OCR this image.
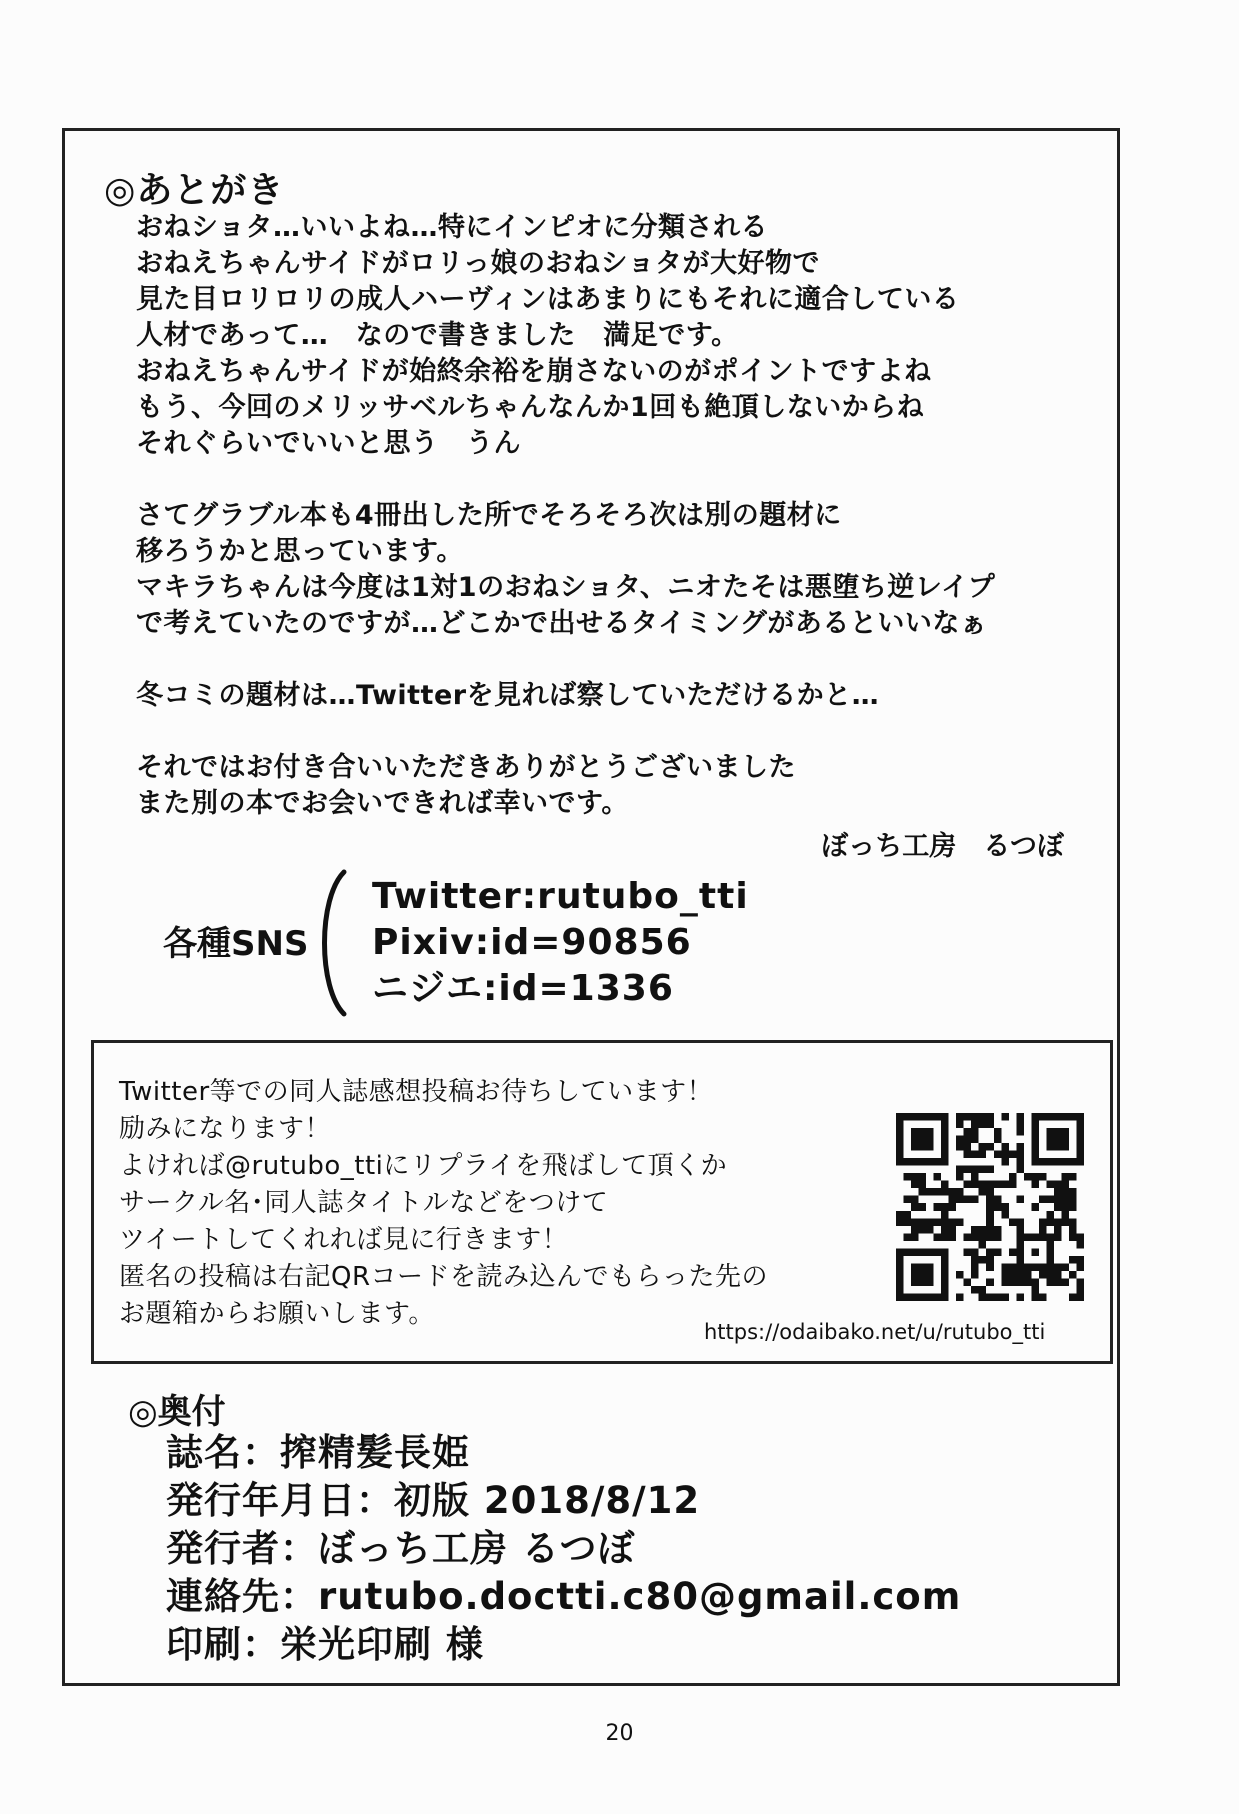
◎あとがき
おねショタ…いいよね…特にインピオに分類される
おねえちゃんサイドがロリっ娘のおねショタが大好物で
見た目ロリロリの成人ハーヴィンはあまりにもそれに適合している
人材であって…　なので書きました　満足です。
おねえちゃんサイドが始終余裕を崩さないのがポイントですよね
もう、今回のメリッサベルちゃんなんか1回も絶頂しないからね
それぐらいでいいと思う　うん
さてグラブル本も4冊出した所でそろそろ次は別の題材に
移ろうかと思っています。
マキラちゃんは今度は1対1のおねショタ、ニオたそは悪堕ち逆レイプ
で考えていたのですが…どこかで出せるタイミングがあるといいなぁ
冬コミの題材は…Twitterを見れば察していただけるかと…
それではお付き合いいただきありがとうございました
また別の本でお会いできれば幸いです。
ぼっち工房　るつぼ
各種SNS
Twitter:rutubo_tti
Pixiv:id=90856
ニジエ:id=1336
Twitter等での同人誌感想投稿お待ちしています！
励みになります！
よければ@rutubo_ttiにリプライを飛ばして頂くか
サークル名･同人誌タイトルなどをつけて
ツイートしてくれれば見に行きます！
匿名の投稿は右記QRコードを読み込んでもらった先の
お題箱からお願いします。
https://odaibako.net/u/rutubo_tti
◎奥付
誌名 ： 搾精髪長姫
発行年月日 ： 初版 2018/8/12
発行者 ： ぼっち工房 るつぼ
連絡先 ： rutubo.doctti.c80@gmail.com
印刷 ： 栄光印刷 様
20
